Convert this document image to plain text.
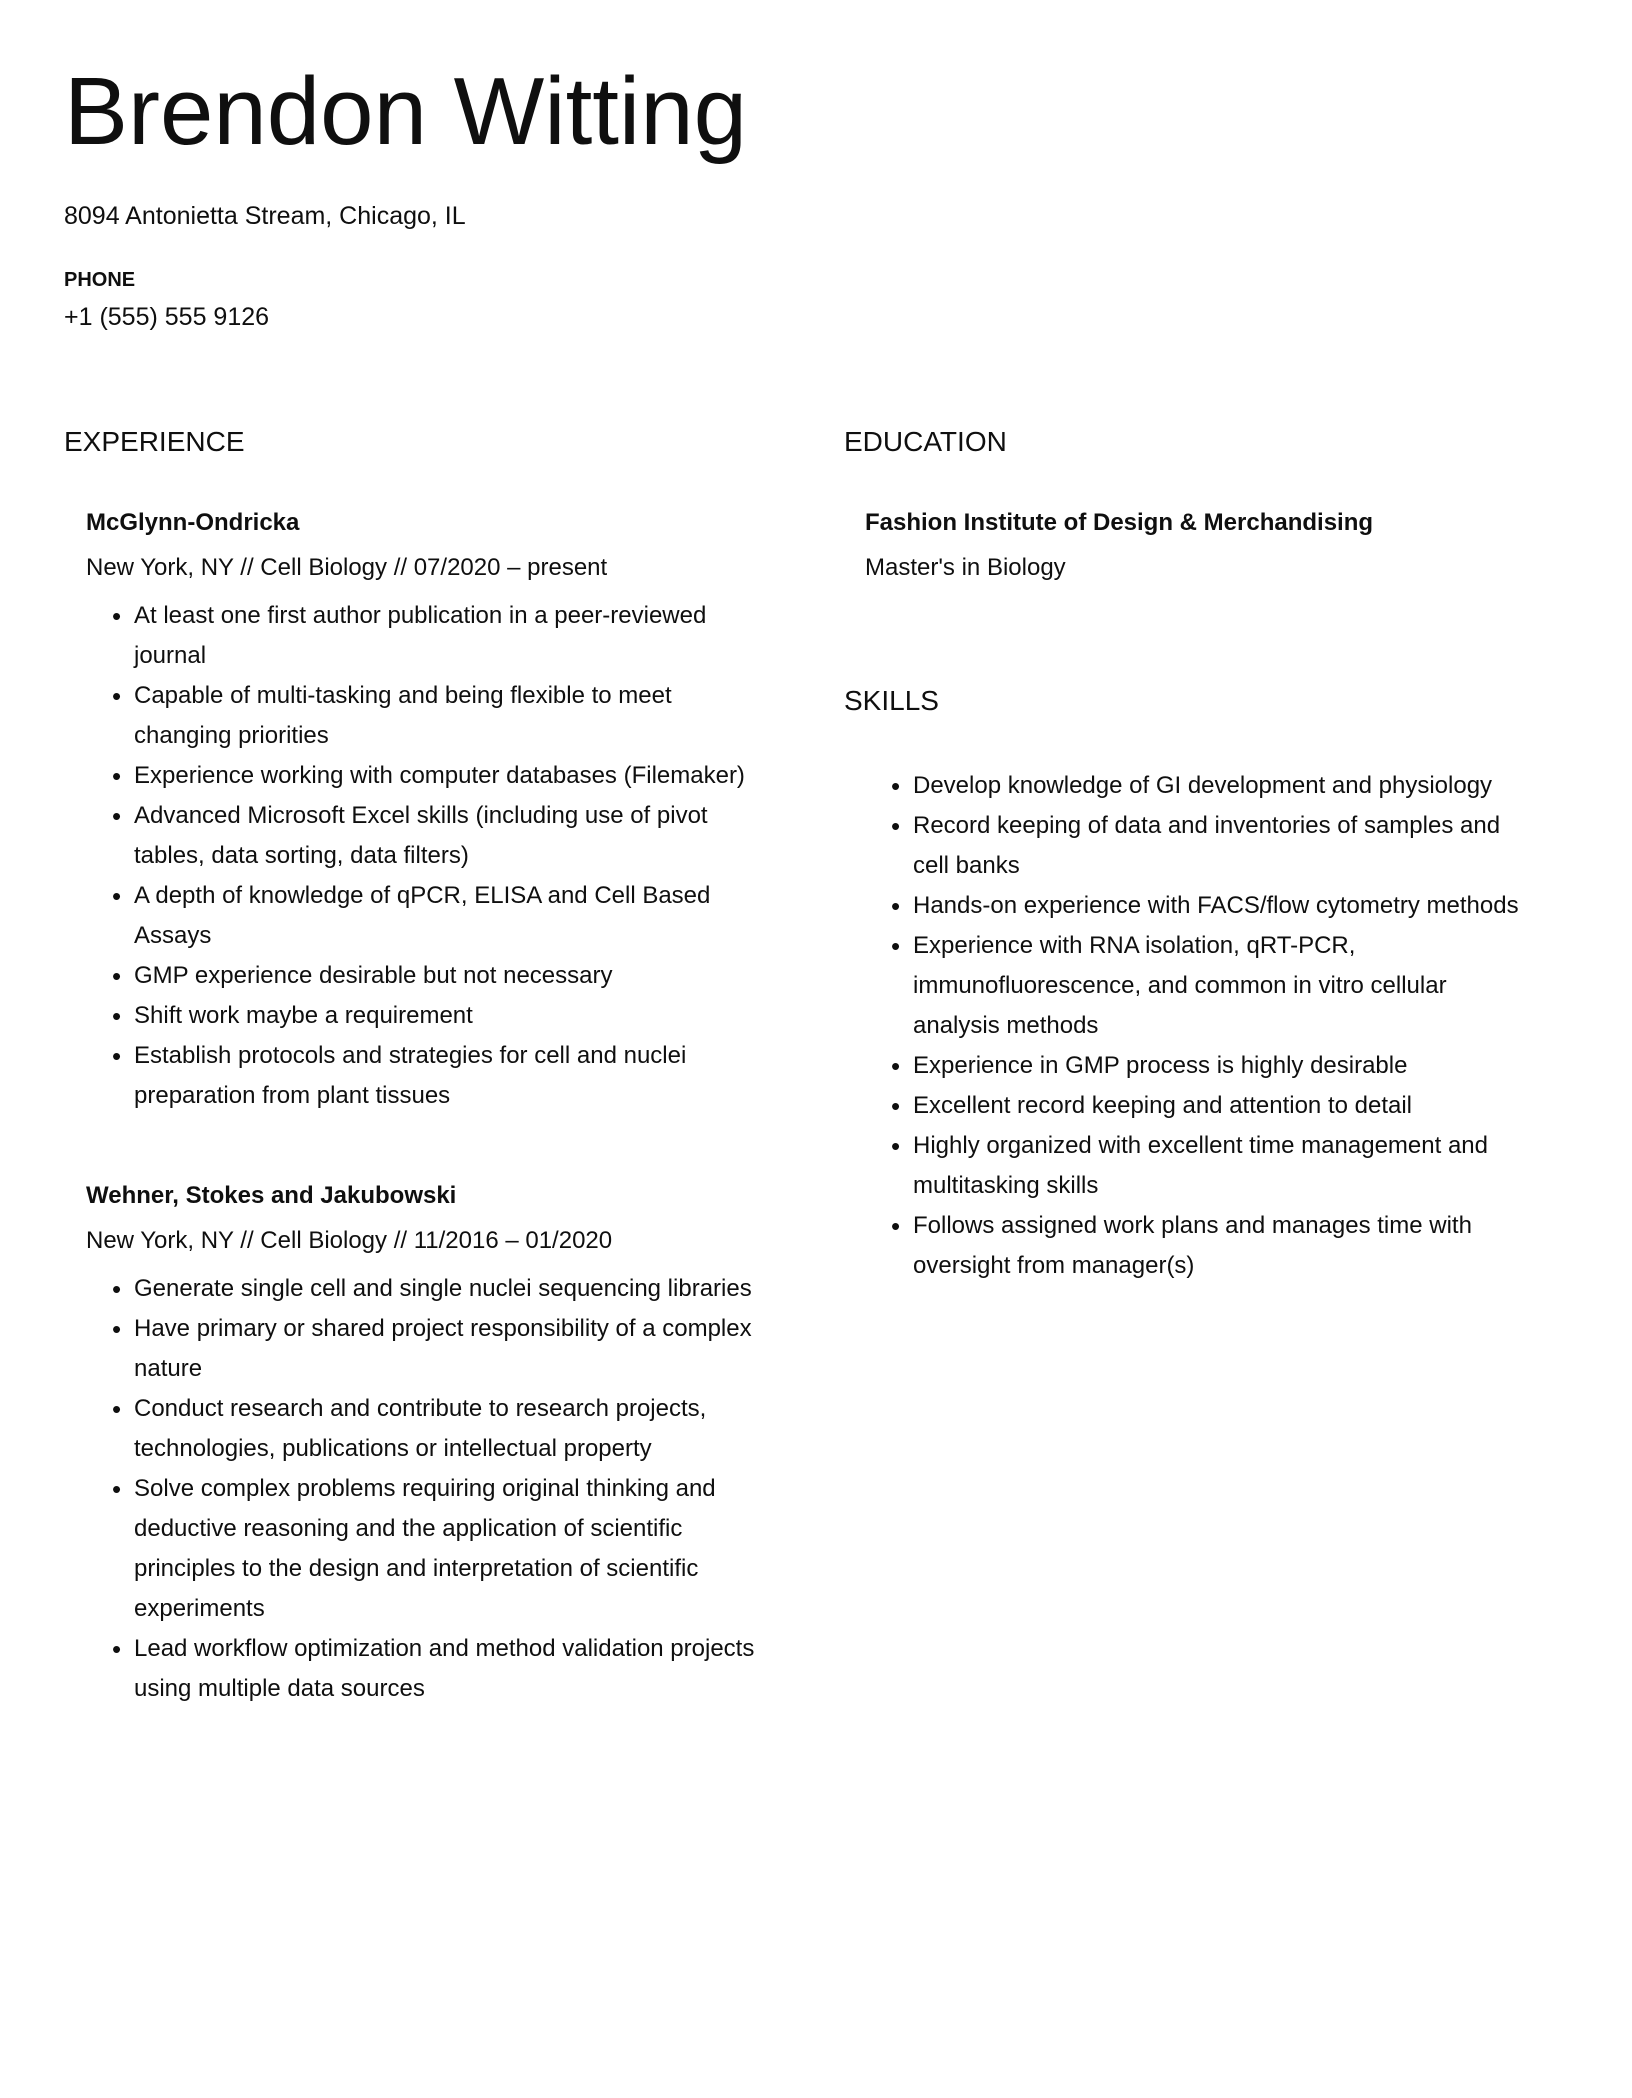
Brendon Witting

8094 Antonietta Stream, Chicago, IL

PHONE

+1 (555) 555 9126

EXPERIENCE
McGlynn-Ondricka

New York, NY // Cell Biology // 07/2020 – present

• At least one first author publication in a peer-reviewed journal
• Capable of multi-tasking and being flexible to meet changing priorities
• Experience working with computer databases (Filemaker)
• Advanced Microsoft Excel skills (including use of pivot tables, data sorting, data filters)
• A depth of knowledge of qPCR, ELISA and Cell Based Assays
• GMP experience desirable but not necessary
• Shift work maybe a requirement
• Establish protocols and strategies for cell and nuclei preparation from plant tissues
Wehner, Stokes and Jakubowski

New York, NY // Cell Biology // 11/2016 – 01/2020

• Generate single cell and single nuclei sequencing libraries
• Have primary or shared project responsibility of a complex nature
• Conduct research and contribute to research projects, technologies, publications or intellectual property
• Solve complex problems requiring original thinking and deductive reasoning and the application of scientific principles to the design and interpretation of scientific experiments
• Lead workflow optimization and method validation projects using multiple data sources
EDUCATION
Fashion Institute of Design & Merchandising

Master's in Biology

SKILLS
• Develop knowledge of GI development and physiology
• Record keeping of data and inventories of samples and cell banks
• Hands-on experience with FACS/flow cytometry methods
• Experience with RNA isolation, qRT-PCR, immunofluorescence, and common in vitro cellular analysis methods
• Experience in GMP process is highly desirable
• Excellent record keeping and attention to detail
• Highly organized with excellent time management and multitasking skills
• Follows assigned work plans and manages time with oversight from manager(s)
